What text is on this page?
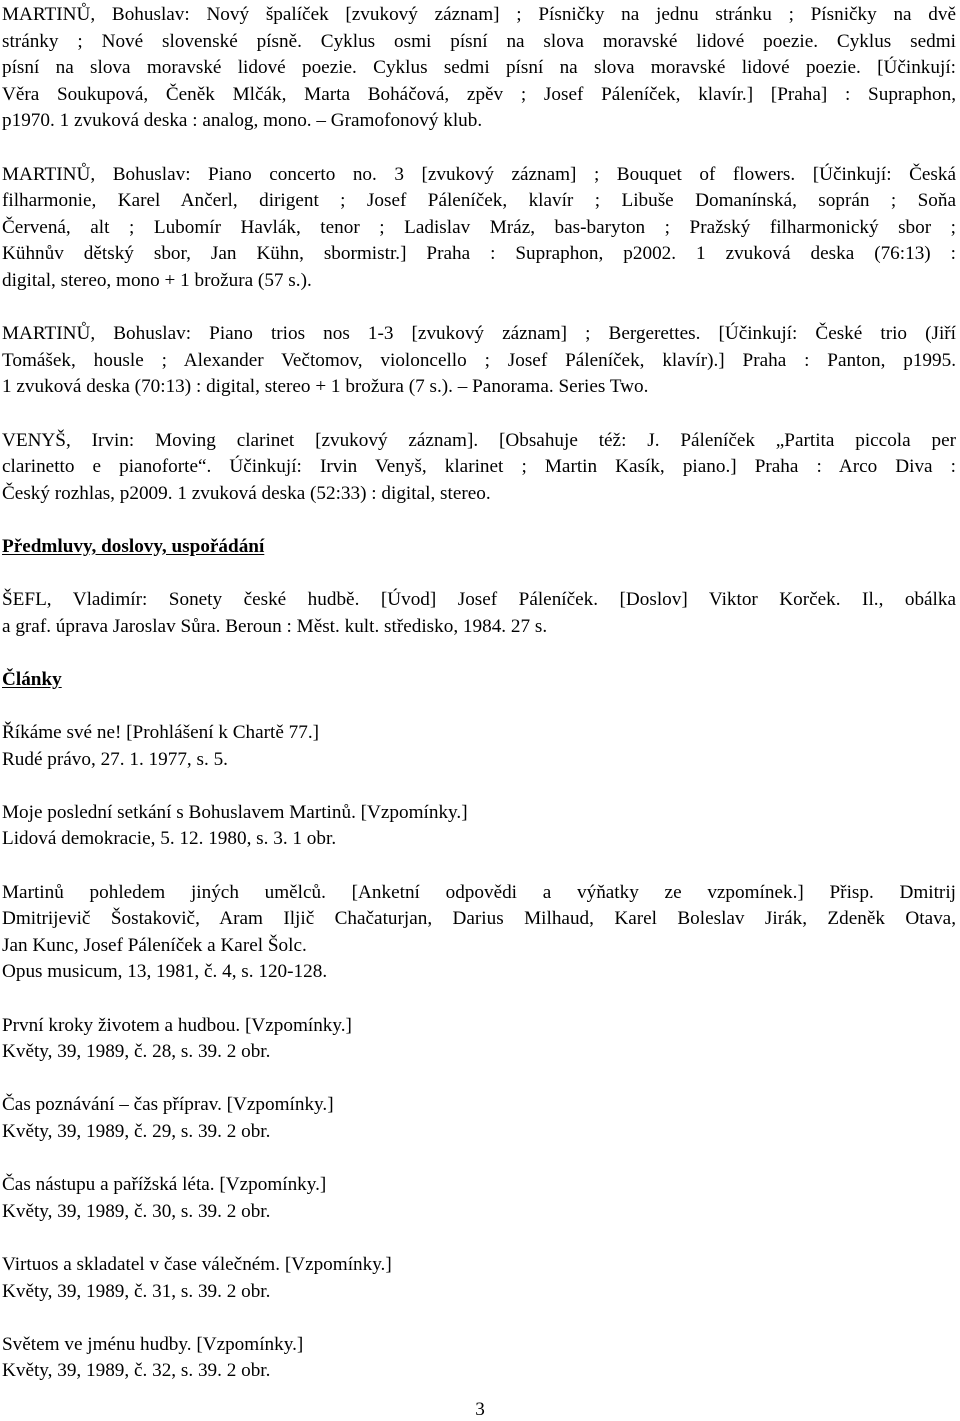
MARTINŮ, Bohuslav: Nový špalíček [zvukový záznam] ; Písničky na jednu stránku ; Písničky na dvě
stránky ; Nové slovenské písně. Cyklus osmi písní na slova moravské lidové poezie. Cyklus sedmi
písní na slova moravské lidové poezie. Cyklus sedmi písní na slova moravské lidové poezie. [Účinkují:
Věra Soukupová, Čeněk Mlčák, Marta Boháčová, zpěv ; Josef Páleníček, klavír.] [Praha] : Supraphon,
p1970. 1 zvuková deska : analog, mono. – Gramofonový klub.
MARTINŮ, Bohuslav: Piano concerto no. 3 [zvukový záznam] ; Bouquet of flowers. [Účinkují: Česká
filharmonie, Karel Ančerl, dirigent ; Josef Páleníček, klavír ; Libuše Domanínská, soprán ; Soňa
Červená, alt ; Lubomír Havlák, tenor ; Ladislav Mráz, bas-baryton ; Pražský filharmonický sbor ;
Kühnův dětský sbor, Jan Kühn, sbormistr.] Praha : Supraphon, p2002. 1 zvuková deska (76:13) :
digital, stereo, mono + 1 brožura (57 s.).
MARTINŮ, Bohuslav: Piano trios nos 1-3 [zvukový záznam] ; Bergerettes. [Účinkují: České trio (Jiří
Tomášek, housle ; Alexander Večtomov, violoncello ; Josef Páleníček, klavír).] Praha : Panton, p1995.
1 zvuková deska (70:13) : digital, stereo + 1 brožura (7 s.). – Panorama. Series Two.
VENYŠ, Irvin: Moving clarinet [zvukový záznam]. [Obsahuje též: J. Páleníček „Partita piccola per
clarinetto e pianoforte“. Účinkují: Irvin Venyš, klarinet ; Martin Kasík, piano.] Praha : Arco Diva :
Český rozhlas, p2009. 1 zvuková deska (52:33) : digital, stereo.
Předmluvy, doslovy, uspořádání
ŠEFL, Vladimír: Sonety české hudbě. [Úvod] Josef Páleníček. [Doslov] Viktor Korček. Il., obálka
a graf. úprava Jaroslav Sůra. Beroun : Měst. kult. středisko, 1984. 27 s.
Články
Říkáme své ne! [Prohlášení k Chartě 77.]
Rudé právo, 27. 1. 1977, s. 5.
Moje poslední setkání s Bohuslavem Martinů. [Vzpomínky.]
Lidová demokracie, 5. 12. 1980, s. 3. 1 obr.
Martinů pohledem jiných umělců. [Anketní odpovědi a výňatky ze vzpomínek.] Přisp. Dmitrij
Dmitrijevič Šostakovič, Aram Iljič Chačaturjan, Darius Milhaud, Karel Boleslav Jirák, Zdeněk Otava,
Jan Kunc, Josef Páleníček a Karel Šolc.
Opus musicum, 13, 1981, č. 4, s. 120-128.
První kroky životem a hudbou. [Vzpomínky.]
Květy, 39, 1989, č. 28, s. 39. 2 obr.
Čas poznávání – čas příprav. [Vzpomínky.]
Květy, 39, 1989, č. 29, s. 39. 2 obr.
Čas nástupu a pařížská léta. [Vzpomínky.]
Květy, 39, 1989, č. 30, s. 39. 2 obr.
Virtuos a skladatel v čase válečném. [Vzpomínky.]
Květy, 39, 1989, č. 31, s. 39. 2 obr.
Světem ve jménu hudby. [Vzpomínky.]
Květy, 39, 1989, č. 32, s. 39. 2 obr.
3
